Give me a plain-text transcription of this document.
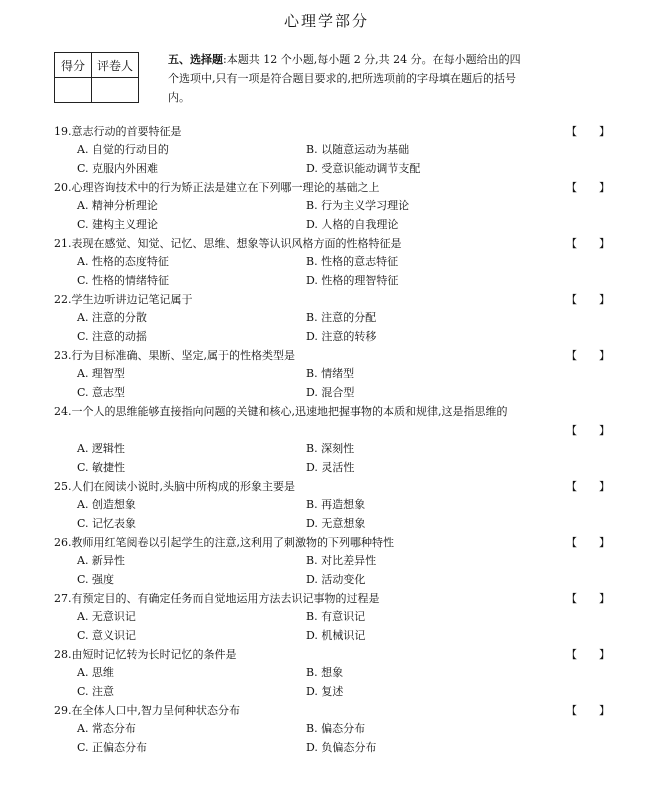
心理学部分
得分	评卷人
		五、选择题:本题共 12 个小题,每小题 2 分,共 24 分。在每小题给出的四个选项中,只有一项是符合题目要求的,把所选项前的字母填在题后的括号内。
19.意志行动的首要特征是	【　　】
A. 自觉的行动目的	B. 以随意运动为基础
C. 克服内外困难	D. 受意识能动调节支配
20.心理咨询技术中的行为矫正法是建立在下列哪一理论的基础之上	【　　】
A. 精神分析理论	B. 行为主义学习理论
C. 建构主义理论	D. 人格的自我理论
21.表现在感觉、知觉、记忆、思维、想象等认识风格方面的性格特征是	【　　】
A. 性格的态度特征	B. 性格的意志特征
C. 性格的情绪特征	D. 性格的理智特征
22.学生边听讲边记笔记属于	【　　】
A. 注意的分散	B. 注意的分配
C. 注意的动摇	D. 注意的转移
23.行为目标准确、果断、坚定,属于的性格类型是	【　　】
A. 理智型	B. 情绪型
C. 意志型	D. 混合型
24.一个人的思维能够直接指向问题的关键和核心,迅速地把握事物的本质和规律,这是指思维的
【　　】
A. 逻辑性	B. 深刻性
C. 敏捷性	D. 灵活性
25.人们在阅读小说时,头脑中所构成的形象主要是	【　　】
A. 创造想象	B. 再造想象
C. 记忆表象	D. 无意想象
26.教师用红笔阅卷以引起学生的注意,这利用了刺激物的下列哪种特性	【　　】
A. 新异性	B. 对比差异性
C. 强度	D. 活动变化
27.有预定目的、有确定任务而自觉地运用方法去识记事物的过程是	【　　】
A. 无意识记	B. 有意识记
C. 意义识记	D. 机械识记
28.由短时记忆转为长时记忆的条件是	【　　】
A. 思维	B. 想象
C. 注意	D. 复述
29.在全体人口中,智力呈何种状态分布	【　　】
A. 常态分布	B. 偏态分布
C. 正偏态分布	D. 负偏态分布
